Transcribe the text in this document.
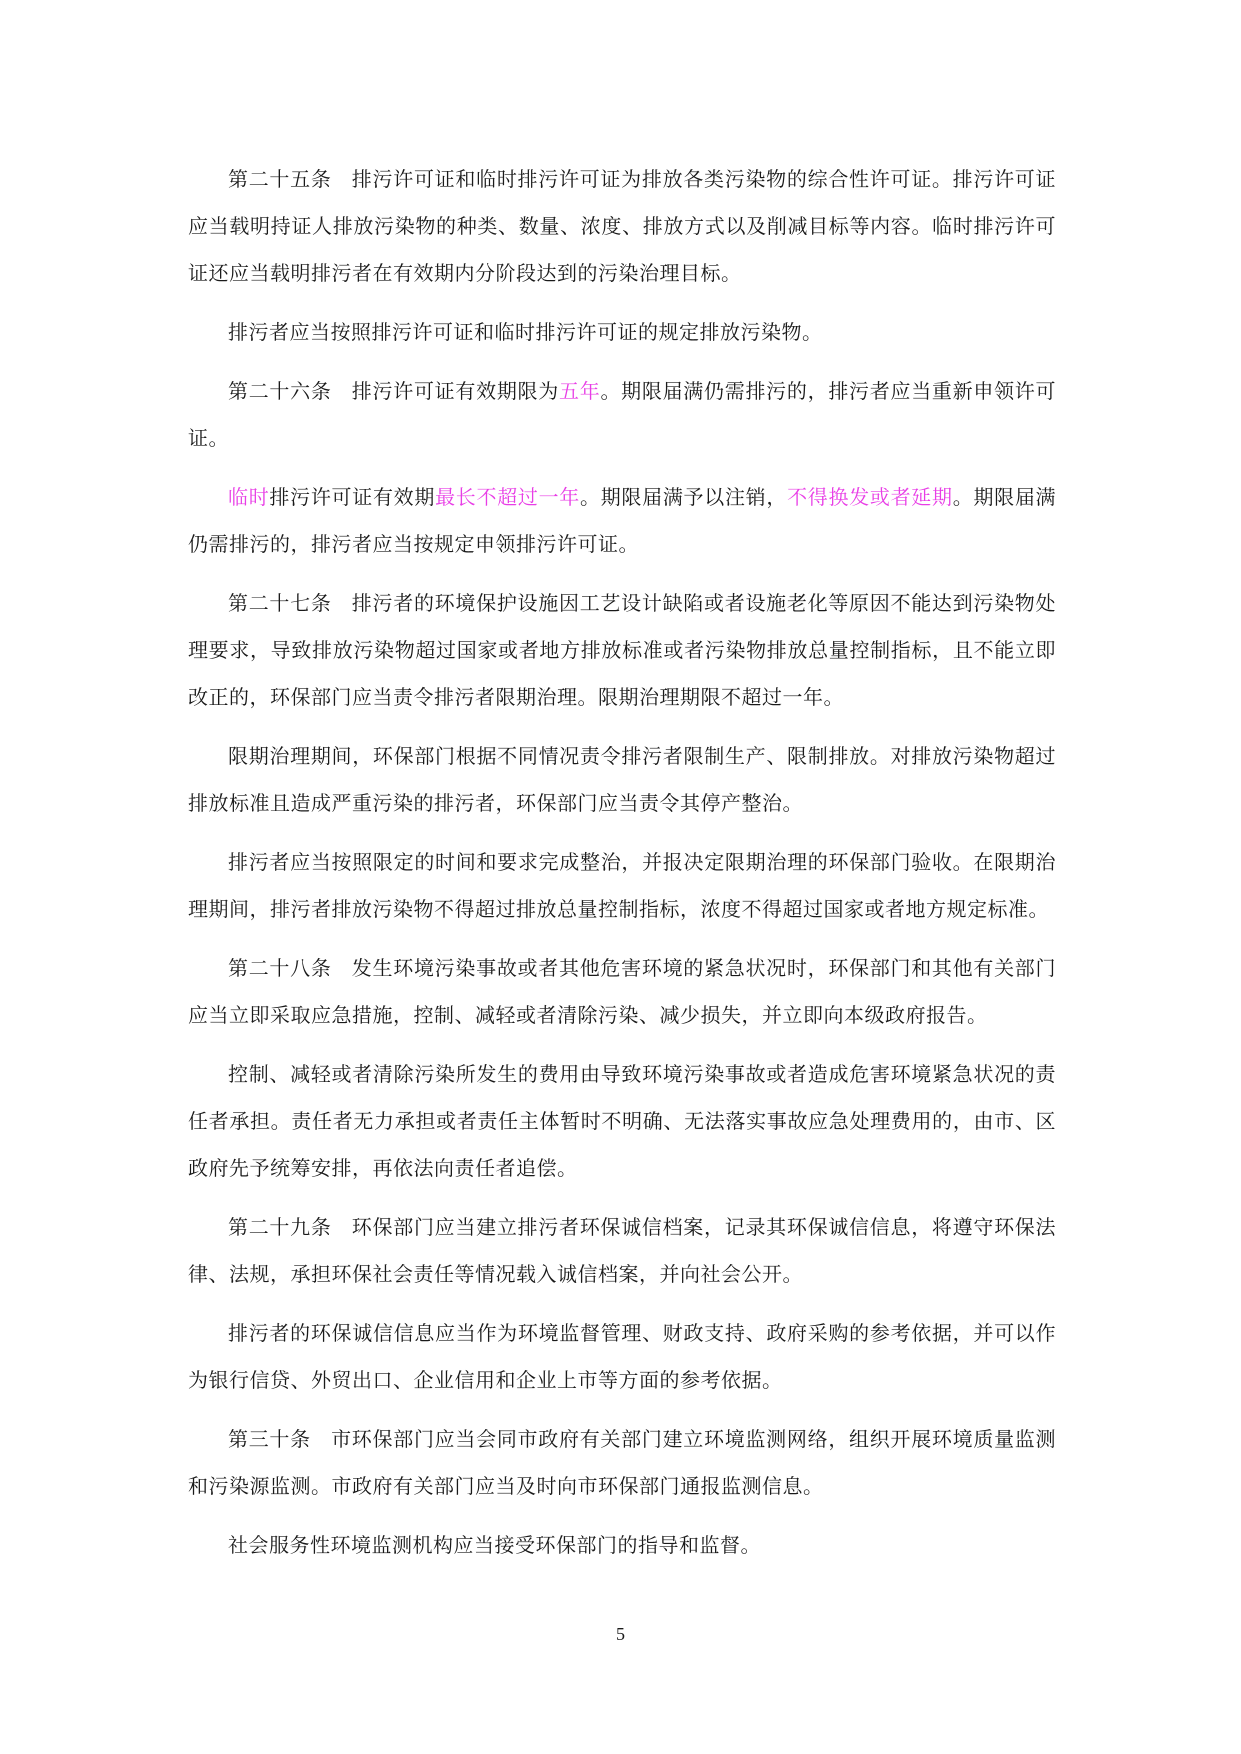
第二十五条 排污许可证和临时排污许可证为排放各类污染物的综合性许可证。排污许可证应当载明持证人排放污染物的种类、数量、浓度、排放方式以及削减目标等内容。临时排污许可证还应当载明排污者在有效期内分阶段达到的污染治理目标。

排污者应当按照排污许可证和临时排污许可证的规定排放污染物。

第二十六条 排污许可证有效期限为五年。期限届满仍需排污的，排污者应当重新申领许可证。

临时排污许可证有效期最长不超过一年。期限届满予以注销，不得换发或者延期。期限届满仍需排污的，排污者应当按规定申领排污许可证。

第二十七条 排污者的环境保护设施因工艺设计缺陷或者设施老化等原因不能达到污染物处理要求，导致排放污染物超过国家或者地方排放标准或者污染物排放总量控制指标，且不能立即改正的，环保部门应当责令排污者限期治理。限期治理期限不超过一年。

限期治理期间，环保部门根据不同情况责令排污者限制生产、限制排放。对排放污染物超过排放标准且造成严重污染的排污者，环保部门应当责令其停产整治。

排污者应当按照限定的时间和要求完成整治，并报决定限期治理的环保部门验收。在限期治理期间，排污者排放污染物不得超过排放总量控制指标，浓度不得超过国家或者地方规定标准。

第二十八条 发生环境污染事故或者其他危害环境的紧急状况时，环保部门和其他有关部门应当立即采取应急措施，控制、减轻或者清除污染、减少损失，并立即向本级政府报告。

控制、减轻或者清除污染所发生的费用由导致环境污染事故或者造成危害环境紧急状况的责任者承担。责任者无力承担或者责任主体暂时不明确、无法落实事故应急处理费用的，由市、区政府先予统筹安排，再依法向责任者追偿。

第二十九条 环保部门应当建立排污者环保诚信档案，记录其环保诚信信息，将遵守环保法律、法规，承担环保社会责任等情况载入诚信档案，并向社会公开。

排污者的环保诚信信息应当作为环境监督管理、财政支持、政府采购的参考依据，并可以作为银行信贷、外贸出口、企业信用和企业上市等方面的参考依据。

第三十条 市环保部门应当会同市政府有关部门建立环境监测网络，组织开展环境质量监测和污染源监测。市政府有关部门应当及时向市环保部门通报监测信息。

社会服务性环境监测机构应当接受环保部门的指导和监督。

5
